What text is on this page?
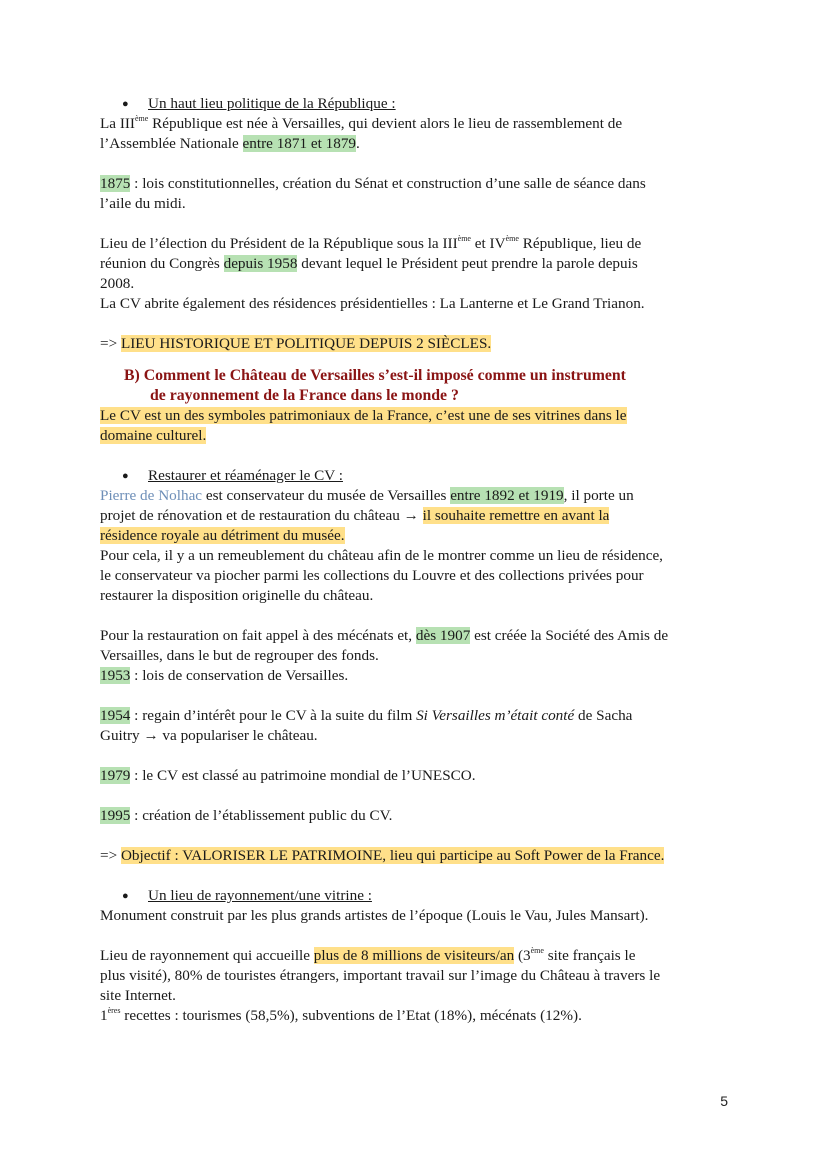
● Un haut lieu politique de la République :

La IIIème République est née à Versailles, qui devient alors le lieu de rassemblement de
l’Assemblée Nationale entre 1871 et 1879.

1875 : lois constitutionnelles, création du Sénat et construction d’une salle de séance dans
l’aile du midi.

Lieu de l’élection du Président de la République sous la IIIème et IVème République, lieu de
réunion du Congrès depuis 1958 devant lequel le Président peut prendre la parole depuis
2008.

La CV abrite également des résidences présidentielles : La Lanterne et Le Grand Trianon.

=> LIEU HISTORIQUE ET POLITIQUE DEPUIS 2 SIÈCLES.

B) Comment le Château de Versailles s’est-il imposé comme un instrument
de rayonnement de la France dans le monde ?

Le CV est un des symboles patrimoniaux de la France, c’est une de ses vitrines dans le
domaine culturel.

● Restaurer et réaménager le CV :

Pierre de Nolhac est conservateur du musée de Versailles entre 1892 et 1919, il porte un
projet de rénovation et de restauration du château → il souhaite remettre en avant la
résidence royale au détriment du musée.

Pour cela, il y a un remeublement du château afin de le montrer comme un lieu de résidence,
le conservateur va piocher parmi les collections du Louvre et des collections privées pour
restaurer la disposition originelle du château.

Pour la restauration on fait appel à des mécénats et, dès 1907 est créée la Société des Amis de
Versailles, dans le but de regrouper des fonds.

1953 : lois de conservation de Versailles.

1954 : regain d’intérêt pour le CV à la suite du film Si Versailles m’était conté de Sacha
Guitry → va populariser le château.

1979 : le CV est classé au patrimoine mondial de l’UNESCO.

1995 : création de l’établissement public du CV.

=> Objectif : VALORISER LE PATRIMOINE, lieu qui participe au Soft Power de la France.

● Un lieu de rayonnement/une vitrine :

Monument construit par les plus grands artistes de l’époque (Louis le Vau, Jules Mansart).

Lieu de rayonnement qui accueille plus de 8 millions de visiteurs/an (3ème site français le
plus visité), 80% de touristes étrangers, important travail sur l’image du Château à travers le
site Internet.

1ères recettes : tourismes (58,5%), subventions de l’Etat (18%), mécénats (12%).

5
